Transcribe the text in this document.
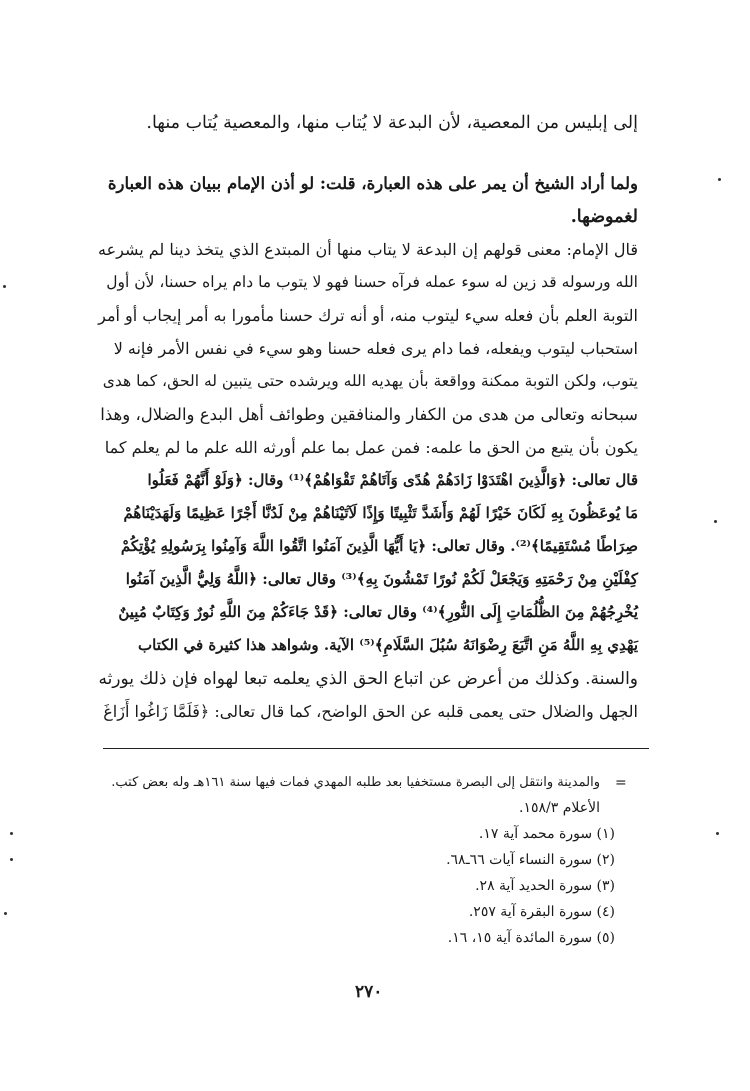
إلى إبليس من المعصية، لأن البدعة لا يُتاب منها، والمعصية يُتاب منها.
ولما أراد الشيخ أن يمر على هذه العبارة، قلت: لو أذن الإمام ببيان هذه العبارة
لغموضها.
قال الإمام: معنى قولهم إن البدعة لا يتاب منها أن المبتدع الذي يتخذ دينا لم يشرعه
الله ورسوله قد زين له سوء عمله فرآه حسنا فهو لا يتوب ما دام يراه حسنا، لأن أول
التوبة العلم بأن فعله سيء ليتوب منه، أو أنه ترك حسنا مأمورا به أمر إيجاب أو أمر
استحباب ليتوب ويفعله، فما دام يرى فعله حسنا وهو سيء في نفس الأمر فإنه لا
يتوب، ولكن التوبة ممكنة وواقعة بأن يهديه الله ويرشده حتى يتبين له الحق، كما هدى
سبحانه وتعالى من هدى من الكفار والمنافقين وطوائف أهل البدع والضلال، وهذا
يكون بأن يتبع من الحق ما علمه: فمن عمل بما علم أورثه الله علم ما لم يعلم كما
قال تعالى: ﴿وَالَّذِينَ اهْتَدَوْا زَادَهُمْ هُدًى وَآتَاهُمْ تَقْوَاهُمْ﴾⁽¹⁾ وقال: ﴿وَلَوْ أَنَّهُمْ فَعَلُوا
مَا يُوعَظُونَ بِهِ لَكَانَ خَيْرًا لَهُمْ وَأَشَدَّ تَثْبِيتًا وَإِذًا لَآتَيْنَاهُمْ مِنْ لَدُنَّا أَجْرًا عَظِيمًا وَلَهَدَيْنَاهُمْ
صِرَاطًا مُسْتَقِيمًا﴾⁽²⁾. وقال تعالى: ﴿يَا أَيُّهَا الَّذِينَ آمَنُوا اتَّقُوا اللَّهَ وَآمِنُوا بِرَسُولِهِ يُؤْتِكُمْ
كِفْلَيْنِ مِنْ رَحْمَتِهِ وَيَجْعَلْ لَكُمْ نُورًا تَمْشُونَ بِهِ﴾⁽³⁾ وقال تعالى: ﴿اللَّهُ وَلِيُّ الَّذِينَ آمَنُوا
يُخْرِجُهُمْ مِنَ الظُّلُمَاتِ إِلَى النُّورِ﴾⁽⁴⁾ وقال تعالى: ﴿قَدْ جَاءَكُمْ مِنَ اللَّهِ نُورٌ وَكِتَابٌ مُبِينٌ
يَهْدِي بِهِ اللَّهُ مَنِ اتَّبَعَ رِضْوَانَهُ سُبُلَ السَّلَامِ﴾⁽⁵⁾ الآية. وشواهد هذا كثيرة في الكتاب
والسنة. وكذلك من أعرض عن اتباع الحق الذي يعلمه تبعا لهواه فإن ذلك يورثه
الجهل والضلال حتى يعمى قلبه عن الحق الواضح، كما قال تعالى: ﴿فَلَمَّا زَاغُوا أَزَاغَ
=
والمدينة وانتقل إلى البصرة مستخفيا بعد طلبه المهدي فمات فيها سنة ١٦١هـ وله بعض كتب.
الأعلام ١٥٨/٣.
(١) سورة محمد آية ١٧.
(٢) سورة النساء آيات ٦٦ـ٦٨.
(٣) سورة الحديد آية ٢٨.
(٤) سورة البقرة آية ٢٥٧.
(٥) سورة المائدة آية ١٥، ١٦.
٢٧٠
